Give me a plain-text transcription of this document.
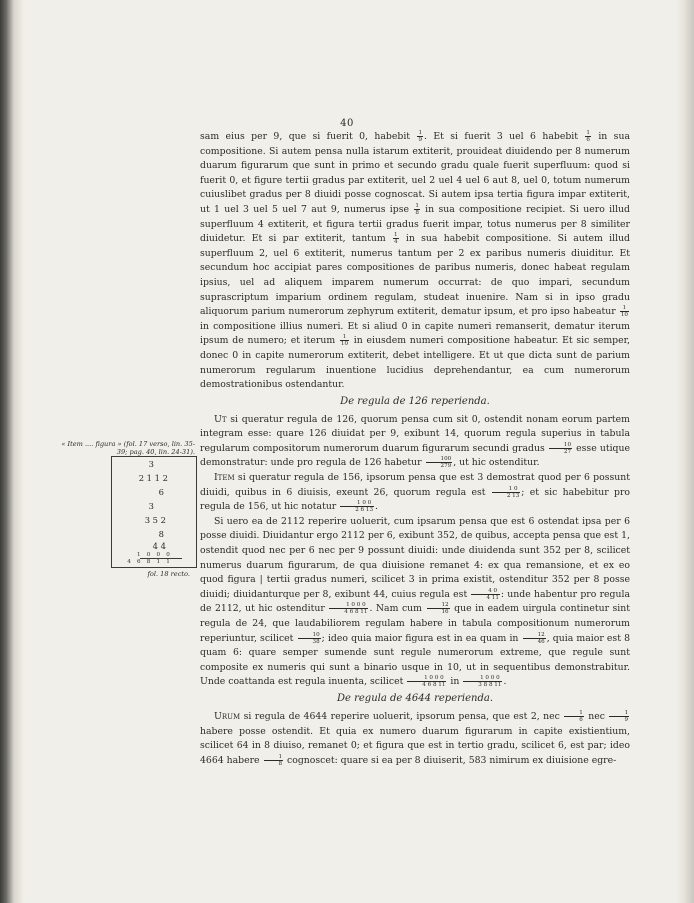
40

sam eius per 9, que si fuerit 0, habebit $\frac{1}{9}$ . Et si fuerit 3 uel 6 habebit $\frac{1}{6}$ in sua compositione. Si autem pensa nulla istarum extiterit, prouideat diuidendo per 8 numerum duarum figurarum que sunt in primo et secundo gradu quale fuerit superfluum: quod si fuerit 0, et figure tertii gradus par extiterit, uel 2 uel 4 uel 6 aut 8, uel 0, totum numerum cuiuslibet gradus per 8 diuidi posse cognoscat. Si autem ipsa tertia figura impar extiterit, ut 1 uel 3 uel 5 uel 7 aut 9, numerus ipse $\frac{1}{8}$ in sua compositione recipiet. Si uero illud superfluum 4 extiterit, et figura tertii gradus fuerit impar, totus numerus per 8 similiter diuidetur. Et si par extiterit, tantum $\frac{1}{4}$ in sua habebit compositione. Si autem illud superfluum 2, uel 6 extiterit, numerus tantum per 2 ex paribus numeris diuiditur. Et secundum hoc accipiat pares compositiones de paribus numeris, donec habeat regulam ipsius, uel ad aliquem imparem numerum occurrat: de quo impari, secundum suprascriptum imparium ordinem regulam, studeat inuenire. Nam si in ipso gradu aliquorum parium numerorum zephyrum extiterit, dematur ipsum, et pro ipso habeatur $\frac{1}{10}$
in compositione illius numeri. Et si aliud 0 in capite numeri remanserit, dematur iterum ipsum de numero; et iterum $\frac{1}{10}$ in eiusdem numeri compositione habeatur. Et sic semper, donec 0 in capite numerorum extiterit, debet intelligere. Et ut que dicta sunt de parium numerorum regularum inuentione lucidius deprehendantur, ea cum numerorum demostrationibus ostendantur.

De regula de 126 reperienda.

Ut si queratur regula de 126, quorum pensa cum sit 0, ostendit nonam eorum partem integram esse: quare 126 diuidat per 9, exibunt 14, quorum regula superius in tabula regularum compositorum numerorum duarum figurarum secundi gradus $\frac{10}{27}$ esse utique demonstratur: unde pro regula de 126 habetur $\frac{100}{279}$ , ut hic ostenditur.

Item si queratur regula de 156, ipsorum pensa que est 3 demostrat quod per 6 possunt diuidi, quibus in 6 diuisis, exeunt 26, quorum regula est $\frac{1 0}{2 13}$ ; et sic habebitur pro regula de 156, ut hic notatur $\frac{1 0 0}{2 6 13}$ .

Si uero ea de 2112 reperire uoluerit, cum ipsarum pensa que est 6 ostendat ipsa per 6 posse diuidi. Diuidantur ergo 2112 per 6, exibunt 352, de quibus, accepta pensa que est 1, ostendit quod nec per 6 nec per 9 possunt diuidi: unde diuidenda sunt 352 per 8, scilicet numerus duarum figurarum, de qua diuisione remanet 4: ex qua remansione, et ex eo quod figura | tertii gradus numeri, scilicet 3 in prima existit, ostenditur 352 per 8 posse diuidi; diuidanturque per 8, exibunt 44, cuius regula est $\frac{4 0}{4 11}$ : unde habentur pro regula de 2112, ut hic ostenditur $\frac{1 0 0 0}{4 6 8 11}$ . Nam cum $\frac{12}{16}$ que in eadem uirgula continetur sint regula de 24, que laudabiliorem regulam habere in tabula compositionum numerorum reperiuntur, scilicet $\frac{10}{38}$ ; ideo quia maior figura est in ea quam in $\frac{12}{46}$ , quia maior est 8 quam 6: quare semper sumende sunt regule numerorum extreme, que regule sunt composite ex numeris qui sunt a binario usque in 10, ut in sequentibus demonstrabitur. Unde coattanda est regula inuenta, scilicet $\frac{1 0 0 0}{4 6 8 11}$ in $\frac{1 0 0 0}{3 8 8 11}$ .

De regula de 4644 reperienda.

Urum si regula de 4644 reperire uoluerit, ipsorum pensa, que est 2, nec $\frac{1}{6}$ nec $\frac{1}{9}$
habere posse ostendit. Et quia ex numero duarum figurarum in capite existientium, scilicet 64 in 8 diuiso, remanet 0; et figura que est in tertio gradu, scilicet 6, est par; ideo 4664 habere $\frac{1}{8}$ cognoscet: quare si ea per 8 diuiserit, 583 nimirum ex diuisione egre-

« Item .... figura » (fol. 17 verso, lin. 35-39; pag. 40, lin. 24-31).
3
2 1 1 2
6
3
3 5 2
8
4 4
1 0 0 0
4 6 8 1 1
fol. 18 recto.
